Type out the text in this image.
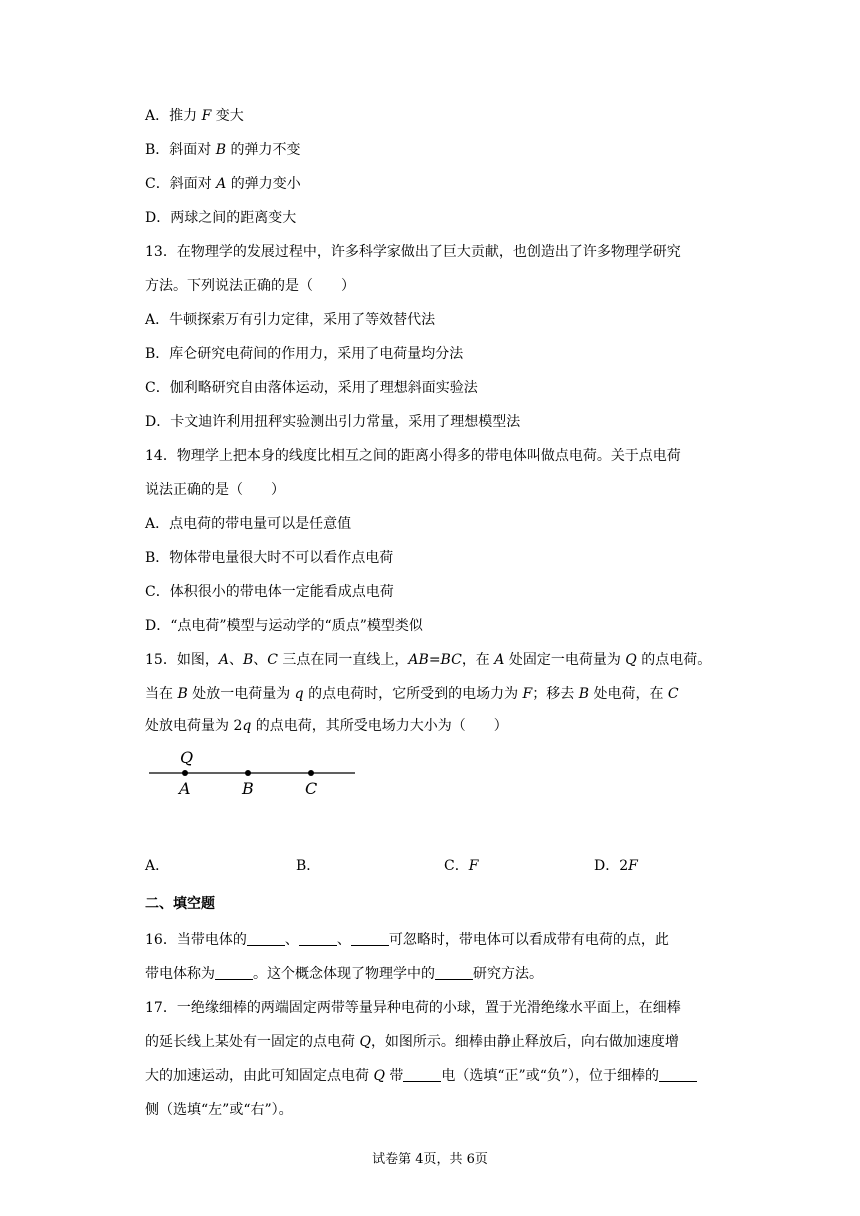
A．推力 F 变大
B．斜面对 B 的弹力不变
C．斜面对 A 的弹力变小
D．两球之间的距离变大
13．在物理学的发展过程中，许多科学家做出了巨大贡献，也创造出了许多物理学研究
方法。下列说法正确的是（　　）
A．牛顿探索万有引力定律，采用了等效替代法
B．库仑研究电荷间的作用力，采用了电荷量均分法
C．伽利略研究自由落体运动，采用了理想斜面实验法
D．卡文迪许利用扭秤实验测出引力常量，采用了理想模型法
14．物理学上把本身的线度比相互之间的距离小得多的带电体叫做点电荷。关于点电荷
说法正确的是（　　）
A．点电荷的带电量可以是任意值
B．物体带电量很大时不可以看作点电荷
C．体积很小的带电体一定能看成点电荷
D．“点电荷”模型与运动学的“质点”模型类似
15．如图，A、B、C 三点在同一直线上，AB=BC，在 A 处固定一电荷量为 Q 的点电荷。
当在 B 处放一电荷量为 q 的点电荷时，它所受到的电场力为 F；移去 B 处电荷，在 C
处放电荷量为 2q 的点电荷，其所受电场力大小为（　　）
Q
A	B	C
A．	B．	C．F	D．2F
二、填空题
16．当带电体的	、	、	可忽略时，带电体可以看成带有电荷的点，此
带电体称为	。这个概念体现了物理学中的	研究方法。
17．一绝缘细棒的两端固定两带等量异种电荷的小球，置于光滑绝缘水平面上，在细棒
的延长线上某处有一固定的点电荷 Q，如图所示。细棒由静止释放后，向右做加速度增
大的加速运动，由此可知固定点电荷 Q 带	电（选填“正”或“负”），位于细棒的
侧（选填“左”或“右”）。
试卷第 4页，共 6页
